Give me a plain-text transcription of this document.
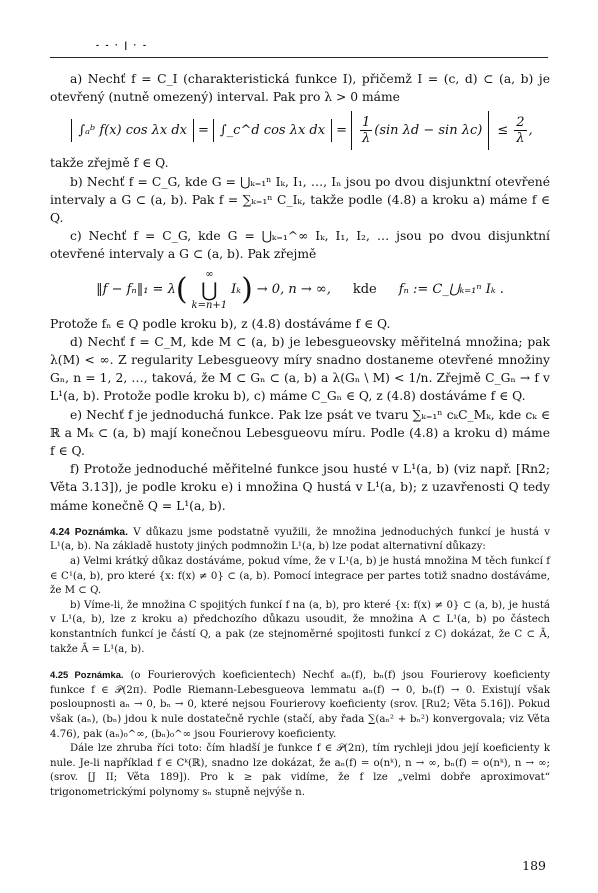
- - · | · -

a) Nechť f = C_I (charakteristická funkce I), přičemž I = (c, d) ⊂ (a, b) je otevřený (nutně omezený) interval. Pak pro λ > 0 máme

∫ₐᵇ f(x) cos λx dx = ∫_c^d cos λx dx = $\frac{1}{\lambda} (\sin$ $\lambda d - \sin \lambda c) \le \frac{2}{\lambda}$ ,

takže zřejmě f ∈ Q.

b) Nechť f = C_G, kde G = ⋃ₖ₌₁ⁿ Iₖ, I₁, …, Iₙ jsou po dvou disjunktní otevřené intervaly a G ⊂ (a, b). Pak f = ∑ₖ₌₁ⁿ C_Iₖ, takže podle (4.8) a kroku a) máme f ∈ Q.

c) Nechť f = C_G, kde G = ⋃ₖ₌₁^∞ Iₖ, I₁, I₂, … jsou po dvou disjunktní otevřené intervaly a G ⊂ (a, b). Pak zřejmě

‖f − fₙ‖₁ = λ ( ∞
⋃
k=n+1
Iₖ ) → 0, n → ∞, kde fₙ := C_⋃ₖ₌₁ⁿ Iₖ .

Protože fₙ ∈ Q podle kroku b), z (4.8) dostáváme f ∈ Q.

d) Nechť f = C_M, kde M ⊂ (a, b) je lebesgueovsky měřitelná množina; pak λ(M) < ∞. Z regularity Lebesgueovy míry snadno dostaneme otevřené množiny Gₙ, n = 1, 2, …, taková, že M ⊂ Gₙ ⊂ (a, b) a λ(Gₙ \ M) < 1/n. Zřejmě C_Gₙ → f v L¹(a, b). Protože podle kroku b), c) máme C_Gₙ ∈ Q, z (4.8) dostáváme f ∈ Q.

e) Nechť f je jednoduchá funkce. Pak lze psát ve tvaru ∑ₖ₌₁ⁿ cₖC_Mₖ, kde cₖ ∈ ℝ a Mₖ ⊂ (a, b) mají konečnou Lebesgueovu míru. Podle (4.8) a kroku d) máme f ∈ Q.

f) Protože jednoduché měřitelné funkce jsou husté v L¹(a, b) (viz např. [Rn2; Věta 3.13]), je podle kroku e) i množina Q hustá v L¹(a, b); z uzavřenosti Q tedy máme konečně Q = L¹(a, b).

4.24 Poznámka. V důkazu jsme podstatně využili, že množina jednoduchých funkcí je hustá v L¹(a, b). Na základě hustoty jiných podmnožin L¹(a, b) lze podat alternativní důkazy:

a) Velmi krátký důkaz dostáváme, pokud víme, že v L¹(a, b) je hustá množina M těch funkcí f ∈ C¹(a, b), pro které {x: f(x) ≠ 0} ⊂ (a, b). Pomocí integrace per partes totiž snadno dostáváme, že M ⊂ Q.

b) Víme-li, že množina C spojitých funkcí f na (a, b), pro které {x: f(x) ≠ 0} ⊂ (a, b), je hustá v L¹(a, b), lze z kroku a) předchozího důkazu usoudit, že množina A ⊂ L¹(a, b) po částech konstantních funkcí je částí Q, a pak (ze stejnoměrné spojitosti funkcí z C) dokázat, že C ⊂ Ā, takže Ā = L¹(a, b).

4.25 Poznámka. (o Fourierových koeficientech) Nechť aₙ(f), bₙ(f) jsou Fourierovy koeficienty funkce f ∈ 𝒫(2π). Podle Riemann-Lebesgueova lemmatu aₙ(f) → 0, bₙ(f) → 0. Existují však posloupnosti aₙ → 0, bₙ → 0, které nejsou Fourierovy koeficienty (srov. [Ru2; Věta 5.16]). Pokud však (aₙ), (bₙ) jdou k nule dostatečně rychle (stačí, aby řada ∑(aₙ² + bₙ²) konvergovala; viz Věta 4.76), pak (aₙ)₀^∞, (bₙ)₀^∞ jsou Fourierovy koeficienty.

Dále lze zhruba říci toto: čím hladší je funkce f ∈ 𝒫(2π), tím rychleji jdou její koeficienty k nule. Je-li například f ∈ Cᵏ(ℝ), snadno lze dokázat, že aₙ(f) = o(nᵏ), n → ∞, bₙ(f) = o(nᵏ), n → ∞; (srov. [J II; Věta 189]). Pro k ≥ pak vidíme, že f lze „velmi dobře aproximovat“ trigonometrickými polynomy sₙ stupně nejvýše n.

189
